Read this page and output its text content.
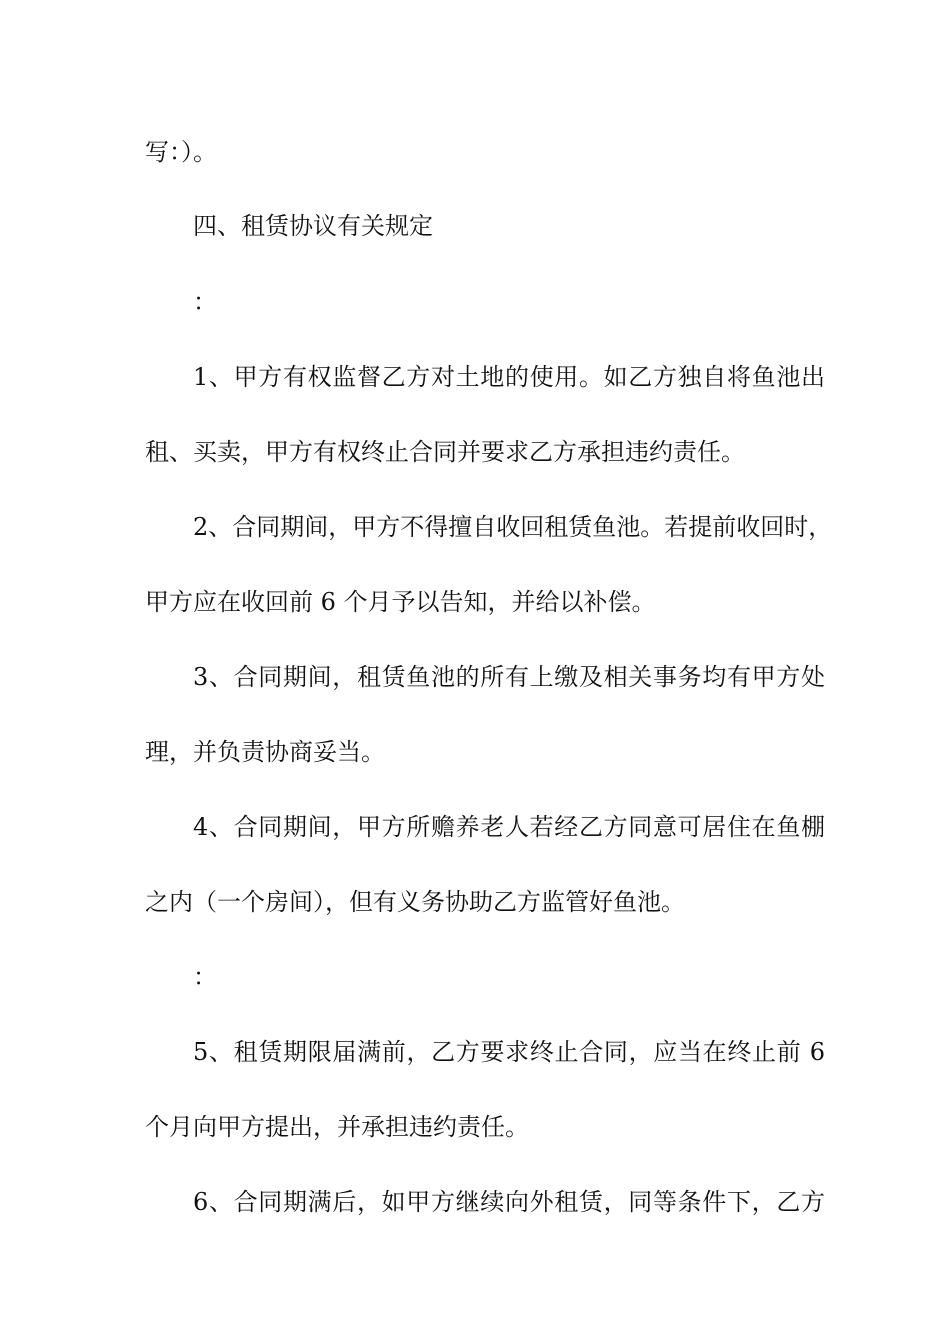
写：）。
四、租赁协议有关规定
：
1、甲方有权监督乙方对土地的使用。如乙方独自将鱼池出
租、买卖，甲方有权终止合同并要求乙方承担违约责任。
2、合同期间，甲方不得擅自收回租赁鱼池。若提前收回时，
甲方应在收回前 6 个月予以告知，并给以补偿。
3、合同期间，租赁鱼池的所有上缴及相关事务均有甲方处
理，并负责协商妥当。
4、合同期间，甲方所赡养老人若经乙方同意可居住在鱼棚
之内（一个房间），但有义务协助乙方监管好鱼池。
：
5、租赁期限届满前，乙方要求终止合同，应当在终止前 6
个月向甲方提出，并承担违约责任。
6、合同期满后，如甲方继续向外租赁，同等条件下，乙方
